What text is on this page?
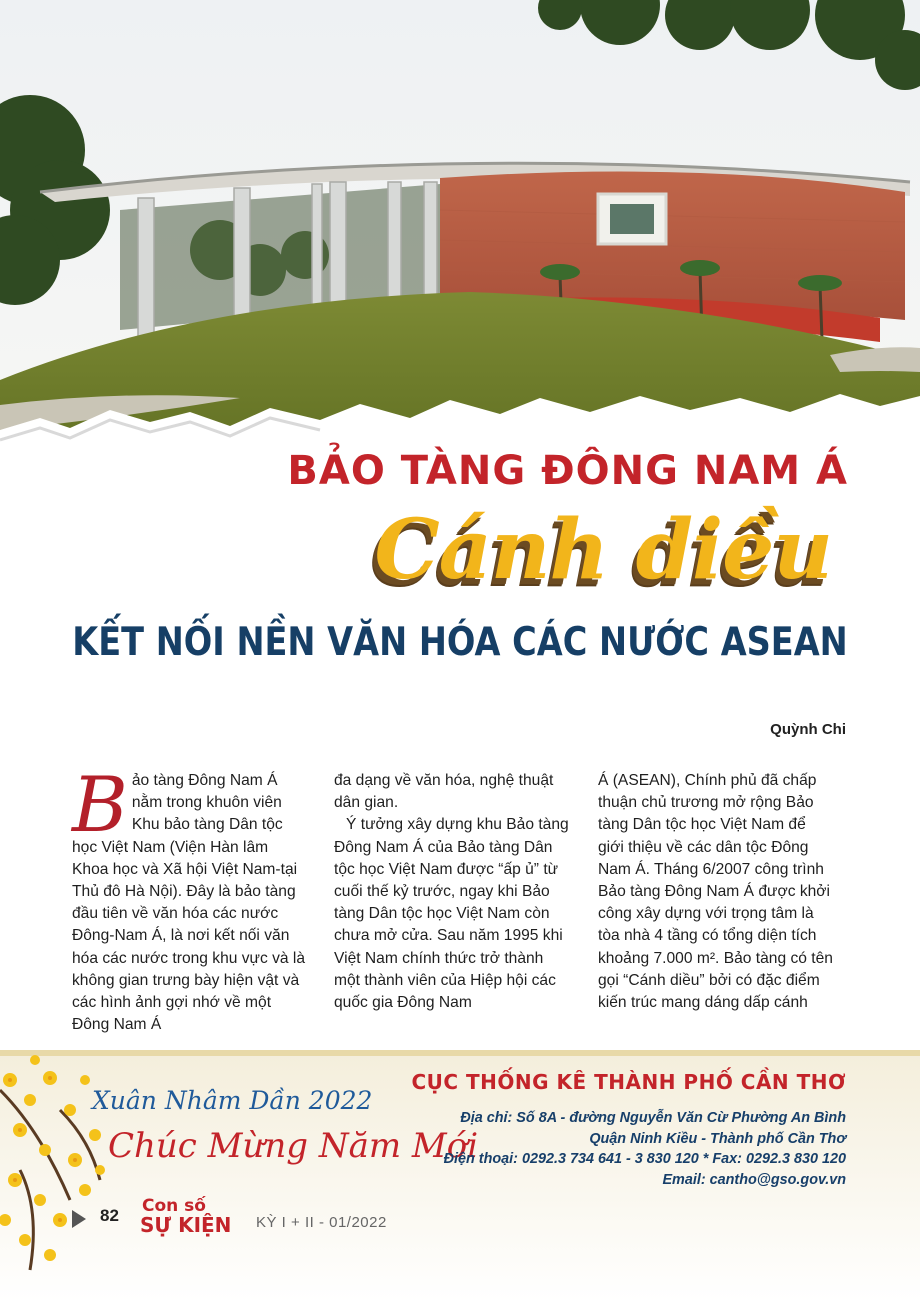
BẢO TÀNG ĐÔNG NAM Á
Cánh diều
KẾT NỐI NỀN VĂN HÓA CÁC NƯỚC ASEAN
Quỳnh Chi
B ảo tàng Đông Nam Á nằm trong khuôn viên Khu bảo tàng Dân tộc học Việt Nam (Viện Hàn lâm Khoa học và Xã hội Việt Nam-tại Thủ đô Hà Nội). Đây là bảo tàng đầu tiên về văn hóa các nước Đông-Nam Á, là nơi kết nối văn hóa các nước trong khu vực và là không gian trưng bày hiện vật và các hình ảnh gợi nhớ về một Đông Nam Á

đa dạng về văn hóa, nghệ thuật dân gian.

Ý tưởng xây dựng khu Bảo tàng Đông Nam Á của Bảo tàng Dân tộc học Việt Nam được “ấp ủ” từ cuối thế kỷ trước, ngay khi Bảo tàng Dân tộc học Việt Nam còn chưa mở cửa. Sau năm 1995 khi Việt Nam chính thức trở thành một thành viên của Hiệp hội các quốc gia Đông Nam

Á (ASEAN), Chính phủ đã chấp thuận chủ trương mở rộng Bảo tàng Dân tộc học Việt Nam để giới thiệu về các dân tộc Đông Nam Á. Tháng 6/2007 công trình Bảo tàng Đông Nam Á được khởi công xây dựng với trọng tâm là tòa nhà 4 tầng có tổng diện tích khoảng 7.000 m². Bảo tàng có tên gọi “Cánh diều” bởi có đặc điểm kiến trúc mang dáng dấp cánh

Xuân Nhâm Dần 2022
Chúc Mừng Năm Mới
CỤC THỐNG KÊ THÀNH PHỐ CẦN THƠ
Địa chỉ: Số 8A - đường Nguyễn Văn Cừ Phường An Bình
Quận Ninh Kiều - Thành phố Cần Thơ
Điện thoại: 0292.3 734 641 - 3 830 120 * Fax: 0292.3 830 120
Email: cantho@gso.gov.vn
82 Con số
SỰ KIỆN KỲ I + II - 01/2022
